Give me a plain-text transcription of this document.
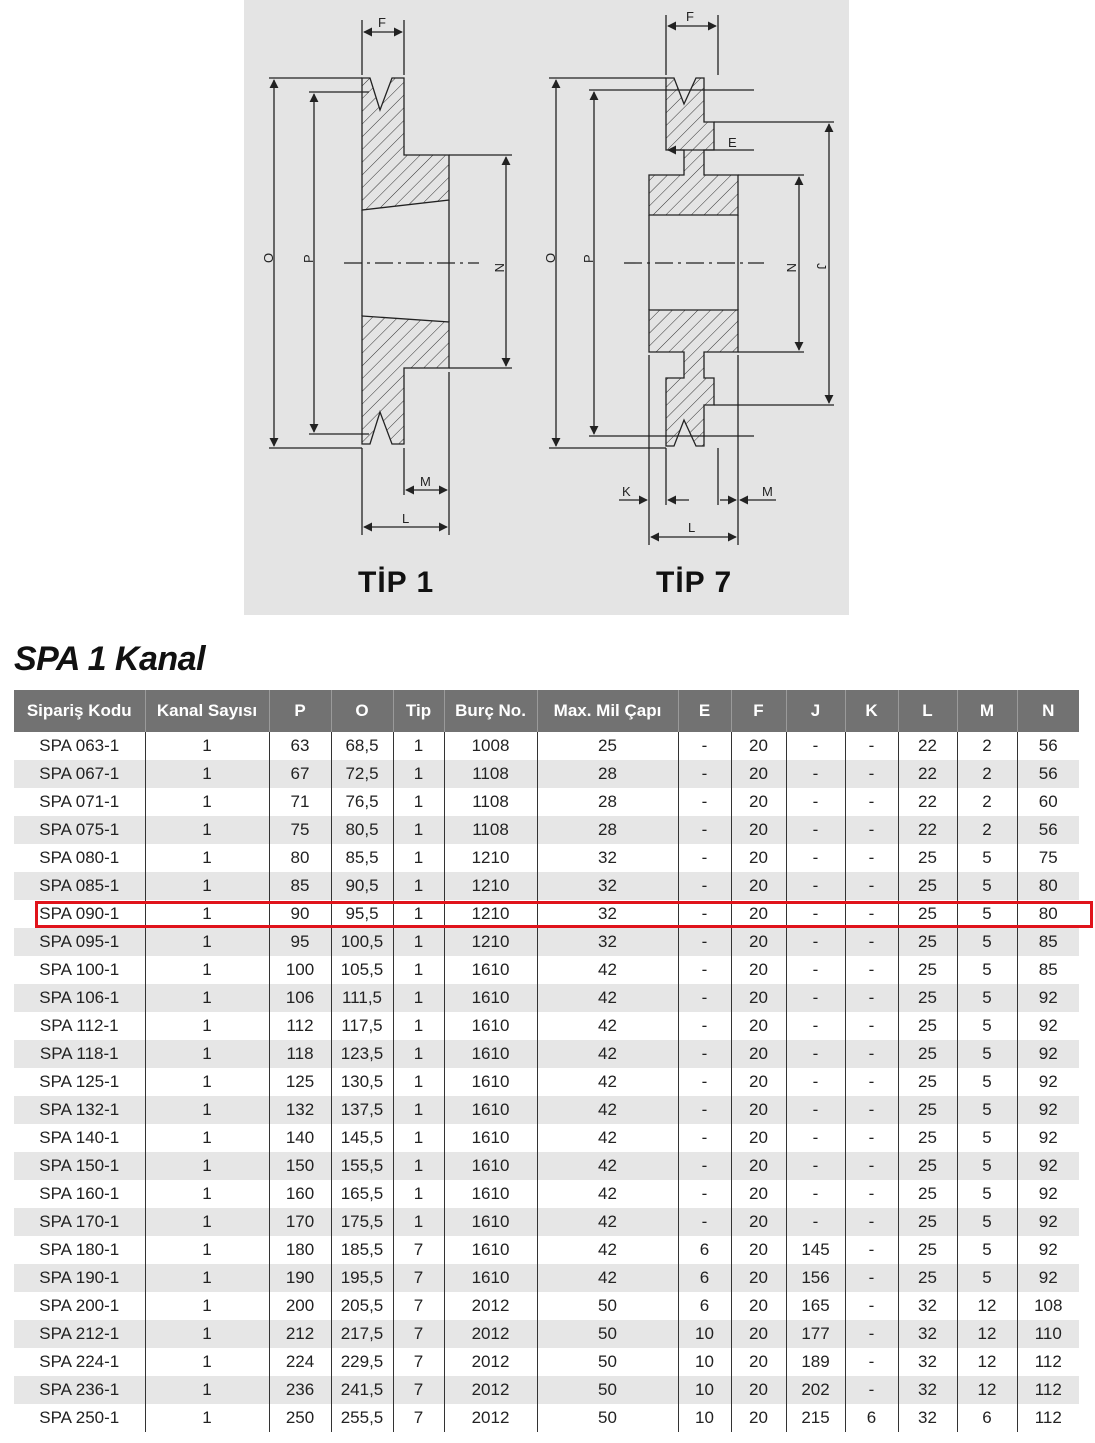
F
O P
N
M
L
F
E
O P
N J
K	M
L
TİP 1	TİP 7
SPA 1 Kanal
Sipariş Kodu	Kanal Sayısı	P	O	Tip	Burç No.	Max. Mil Çapı	E	F	J	K	L	M	N
SPA 063-1	1	63	68,5	1	1008	25	-	20	-	-	22	2	56
SPA 067-1	1	67	72,5	1	1108	28	-	20	-	-	22	2	56
SPA 071-1	1	71	76,5	1	1108	28	-	20	-	-	22	2	60
SPA 075-1	1	75	80,5	1	1108	28	-	20	-	-	22	2	56
SPA 080-1	1	80	85,5	1	1210	32	-	20	-	-	25	5	75
SPA 085-1	1	85	90,5	1	1210	32	-	20	-	-	25	5	80
SPA 090-1	1	90	95,5	1	1210	32	-	20	-	-	25	5	80
SPA 095-1	1	95	100,5	1	1210	32	-	20	-	-	25	5	85
SPA 100-1	1	100	105,5	1	1610	42	-	20	-	-	25	5	85
SPA 106-1	1	106	111,5	1	1610	42	-	20	-	-	25	5	92
SPA 112-1	1	112	117,5	1	1610	42	-	20	-	-	25	5	92
SPA 118-1	1	118	123,5	1	1610	42	-	20	-	-	25	5	92
SPA 125-1	1	125	130,5	1	1610	42	-	20	-	-	25	5	92
SPA 132-1	1	132	137,5	1	1610	42	-	20	-	-	25	5	92
SPA 140-1	1	140	145,5	1	1610	42	-	20	-	-	25	5	92
SPA 150-1	1	150	155,5	1	1610	42	-	20	-	-	25	5	92
SPA 160-1	1	160	165,5	1	1610	42	-	20	-	-	25	5	92
SPA 170-1	1	170	175,5	1	1610	42	-	20	-	-	25	5	92
SPA 180-1	1	180	185,5	7	1610	42	6	20	145	-	25	5	92
SPA 190-1	1	190	195,5	7	1610	42	6	20	156	-	25	5	92
SPA 200-1	1	200	205,5	7	2012	50	6	20	165	-	32	12	108
SPA 212-1	1	212	217,5	7	2012	50	10	20	177	-	32	12	110
SPA 224-1	1	224	229,5	7	2012	50	10	20	189	-	32	12	112
SPA 236-1	1	236	241,5	7	2012	50	10	20	202	-	32	12	112
SPA 250-1	1	250	255,5	7	2012	50	10	20	215	6	32	6	112
